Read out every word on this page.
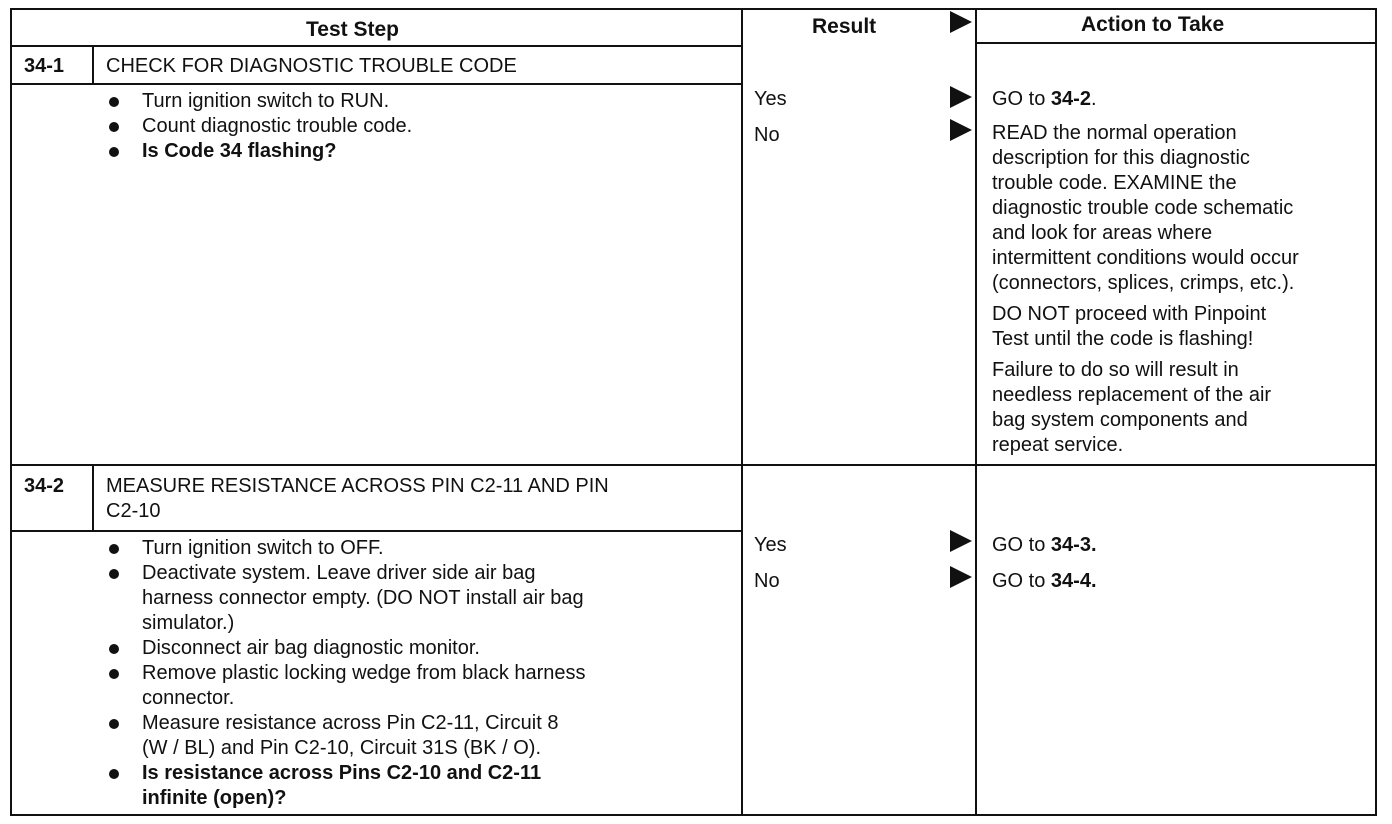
Test Step	Result	Action to Take
34-1 CHECK FOR DIAGNOSTIC TROUBLE CODE
Turn ignition switch to RUN.
Count diagnostic trouble code.
Is Code 34 flashing?
Yes	GO to 34-2.
No	READ the normal operation
description for this diagnostic
trouble code. EXAMINE the
diagnostic trouble code schematic
and look for areas where
intermittent conditions would occur
(connectors, splices, crimps, etc.).

DO NOT proceed with Pinpoint
Test until the code is flashing!

Failure to do so will result in
needless replacement of the air
bag system components and
repeat service.

34-2 MEASURE RESISTANCE ACROSS PIN C2-11 AND PIN
C2-10
Turn ignition switch to OFF.
Deactivate system. Leave driver side air bag
harness connector empty. (DO NOT install air bag
simulator.)
Disconnect air bag diagnostic monitor.
Remove plastic locking wedge from black harness
connector.
Measure resistance across Pin C2-11, Circuit 8
(W / BL) and Pin C2-10, Circuit 31S (BK / O).
Is resistance across Pins C2-10 and C2-11
infinite (open)?
Yes	GO to 34-3.
No	GO to 34-4.
